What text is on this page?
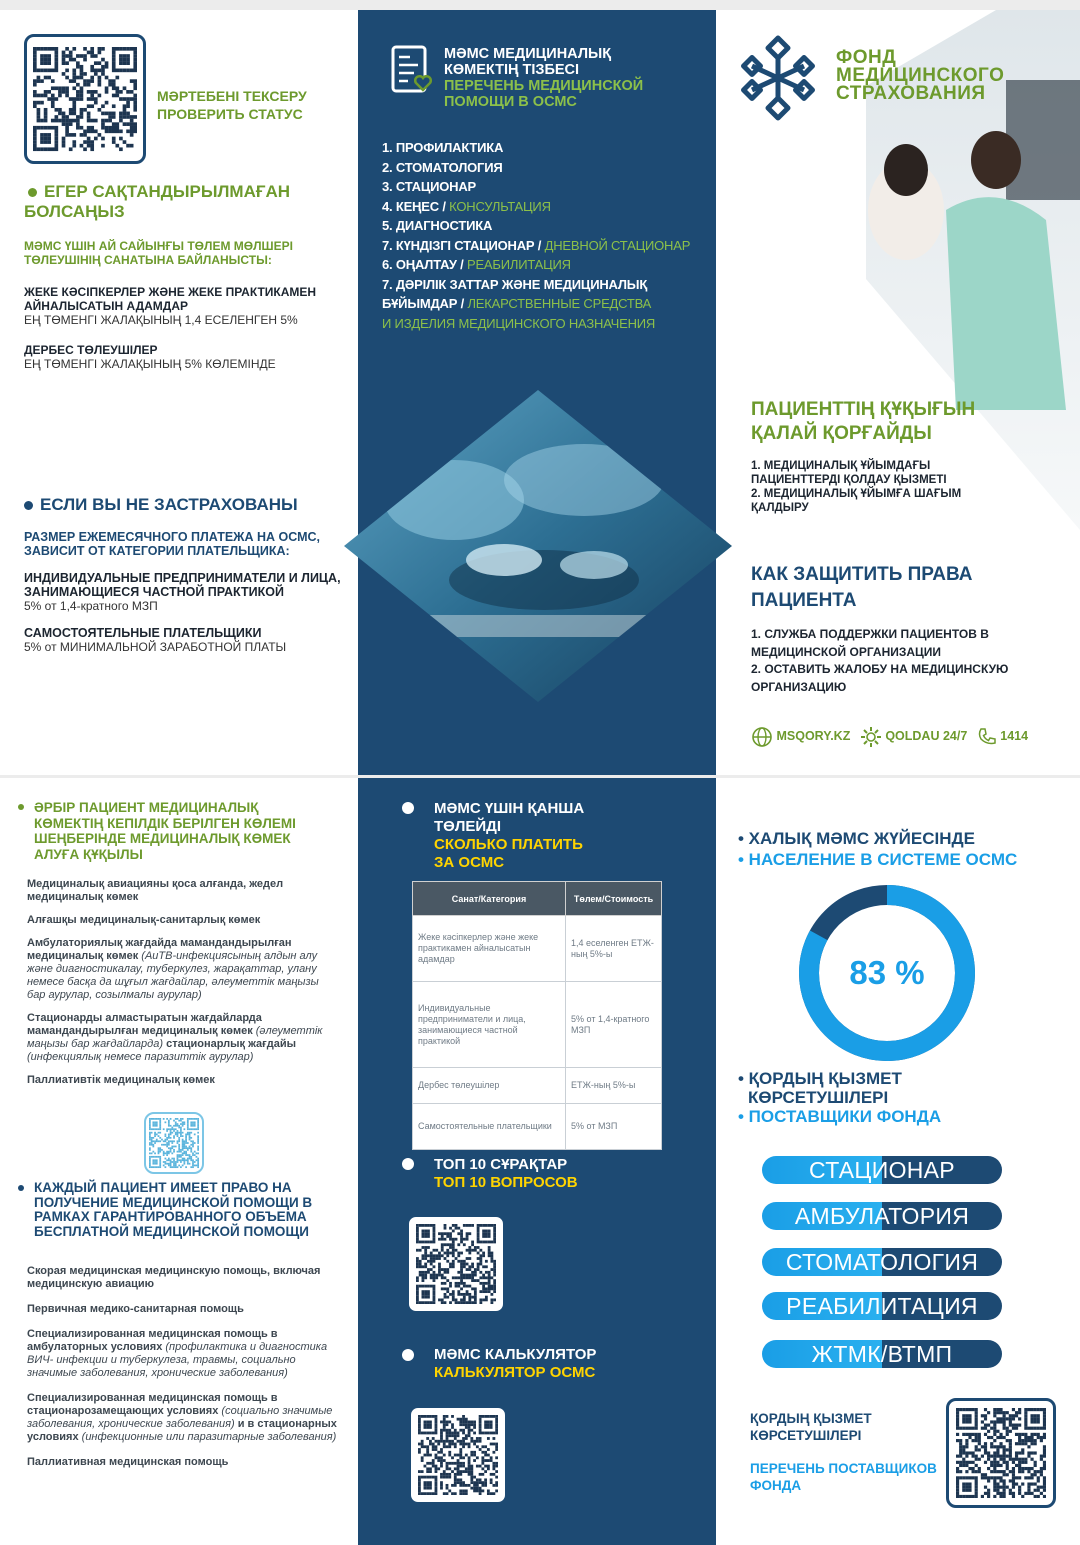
МӘРТЕБЕНІ ТЕКСЕРУ
ПРОВЕРИТЬ СТАТУС
ЕГЕР САҚТАНДЫРЫЛМАҒАН БОЛСАҢЫЗ
МӘМС ҮШІН АЙ САЙЫНҒЫ ТӨЛЕМ МӨЛШЕРІ ТӨЛЕУШІНІҢ САНАТЫНА БАЙЛАНЫСТЫ:
ЖЕКЕ КӘСІПКЕРЛЕР ЖӘНЕ ЖЕКЕ ПРАКТИКАМЕН АЙНАЛЫСАТЫН АДАМДАР
ЕҢ ТӨМЕНГІ ЖАЛАҚЫНЫҢ 1,4 ЕСЕЛЕНГЕН 5%
ДЕРБЕС ТӨЛЕУШІЛЕР
ЕҢ ТӨМЕНГІ ЖАЛАҚЫНЫҢ 5% КӨЛЕМІНДЕ
ЕСЛИ ВЫ НЕ ЗАСТРАХОВАНЫ
РАЗМЕР ЕЖЕМЕСЯЧНОГО ПЛАТЕЖА НА ОСМС, ЗАВИСИТ ОТ КАТЕГОРИИ ПЛАТЕЛЬЩИКА:
ИНДИВИДУАЛЬНЫЕ ПРЕДПРИНИМАТЕЛИ И ЛИЦА, ЗАНИМАЮЩИЕСЯ ЧАСТНОЙ ПРАКТИКОЙ
5% от 1,4-кратного МЗП
САМОСТОЯТЕЛЬНЫЕ ПЛАТЕЛЬЩИКИ
5% от МИНИМАЛЬНОЙ ЗАРАБОТНОЙ ПЛАТЫ
МӘМС МЕДИЦИНАЛЫҚ
КӨМЕКТІҢ ТІЗБЕСІ
ПЕРЕЧЕНЬ МЕДИЦИНСКОЙ
ПОМОЩИ В ОСМС
1. ПРОФИЛАКТИКА
2. СТОМАТОЛОГИЯ
3. СТАЦИОНАР
4. КЕҢЕС / КОНСУЛЬТАЦИЯ
5. ДИАГНОСТИКА
7. КҮНДІЗГІ СТАЦИОНАР / ДНЕВНОЙ СТАЦИОНАР
6. ОҢАЛТАУ / РЕАБИЛИТАЦИЯ
7. ДӘРІЛІК ЗАТТАР ЖӘНЕ МЕДИЦИНАЛЫҚ
БҰЙЫМДАР / ЛЕКАРСТВЕННЫЕ СРЕДСТВА
И ИЗДЕЛИЯ МЕДИЦИНСКОГО НАЗНАЧЕНИЯ
ФОНД
МЕДИЦИНСКОГО
СТРАХОВАНИЯ
ПАЦИЕНТТІҢ ҚҰҚЫҒЫН
ҚАЛАЙ ҚОРҒАЙДЫ
1. МЕДИЦИНАЛЫҚ ҰЙЫМДАҒЫ ПАЦИЕНТТЕРДІ ҚОЛДАУ ҚЫЗМЕТІ
2. МЕДИЦИНАЛЫҚ ҰЙЫМҒА ШАҒЫМ ҚАЛДЫРУ
КАК ЗАЩИТИТЬ ПРАВА ПАЦИЕНТА
1. СЛУЖБА ПОДДЕРЖКИ ПАЦИЕНТОВ В МЕДИЦИНСКОЙ ОРГАНИЗАЦИИ
2. ОСТАВИТЬ ЖАЛОБУ НА МЕДИЦИНСКУЮ ОРГАНИЗАЦИЮ
MSQORY.KZ	QOLDAU 24/7	1414
ӘРБІР ПАЦИЕНТ МЕДИЦИНАЛЫҚ КӨМЕКТІҢ КЕПІЛДІК БЕРІЛГЕН КӨЛЕМІ ШЕҢБЕРІНДЕ МЕДИЦИНАЛЫҚ КӨМЕК АЛУҒА ҚҰҚЫЛЫ
Медициналық авиацияны қоса алғанда, жедел медициналық көмек
Алғашқы медициналық-санитарлық көмек
Амбулаториялық жағдайда мамандандырылған медициналық көмек (АиТВ-инфекциясының алдын алу және диагностикалау, туберкулез, жарақаттар, улану немесе басқа да шұғыл жағдайлар, әлеуметтік маңызы бар аурулар, созылмалы аурулар)
Стационарды алмастыратын жағдайларда мамандандырылған медициналық көмек (әлеуметтік маңызы бар жағдайларда) стационарлық жағдайы (инфекциялық немесе паразиттік аурулар)
Паллиативтік медициналық көмек
КАЖДЫЙ ПАЦИЕНТ ИМЕЕТ ПРАВО НА ПОЛУЧЕНИЕ МЕДИЦИНСКОЙ ПОМОЩИ В РАМКАХ ГАРАНТИРОВАННОГО ОБЪЕМА БЕСПЛАТНОЙ МЕДИЦИНСКОЙ ПОМОЩИ
Скорая медицинская медицинскую помощь, включая медицинскую авиацию
Первичная медико-санитарная помощь
Специализированная медицинская помощь в амбулаторных условиях (профилактика и диагностика ВИЧ- инфекции и туберкулеза, травмы, социально значимые заболевания, хронические заболевания)
Специализированная медицинская помощь в стационарозамещающих условиях (социально значимые заболевания, хронические заболевания) и в стационарных условиях (инфекционные или паразитарные заболевания)
Паллиативная медицинская помощь
МӘМС ҮШІН ҚАНША
ТӨЛЕЙДІ
СКОЛЬКО ПЛАТИТЬ
ЗА ОСМС
Санат/Категория	Төлем/Стоимость
Жеке кәсіпкерлер және жеке практикамен айналысатын адамдар	1,4 еселенген ЕТЖ-ның 5%-ы
Индивидуальные предприниматели и лица, занимающиеся частной практикой	5% от 1,4-кратного МЗП
Дербес төлеушілер	ЕТЖ-ның 5%-ы
Самостоятельные плательщики	5% от МЗП
ТОП 10 СҰРАҚТАР
ТОП 10 ВОПРОСОВ
МӘМС КАЛЬКУЛЯТОР
КАЛЬКУЛЯТОР ОСМС
• ХАЛЫҚ МӘМС ЖҮЙЕСІНДЕ
• НАСЕЛЕНИЕ В СИСТЕМЕ ОСМС
83 %
• ҚОРДЫҢ ҚЫЗМЕТ
КӨРСЕТУШІЛЕРІ
• ПОСТАВЩИКИ ФОНДА
ҚОРДЫҢ ҚЫЗМЕТ
КӨРСЕТУШІЛЕРІ
ПЕРЕЧЕНЬ ПОСТАВЩИКОВ
ФОНДА
СТАЦИОНАР
АМБУЛАТОРИЯ
СТОМАТОЛОГИЯ
РЕАБИЛИТАЦИЯ
ЖТМК/ВТМП
